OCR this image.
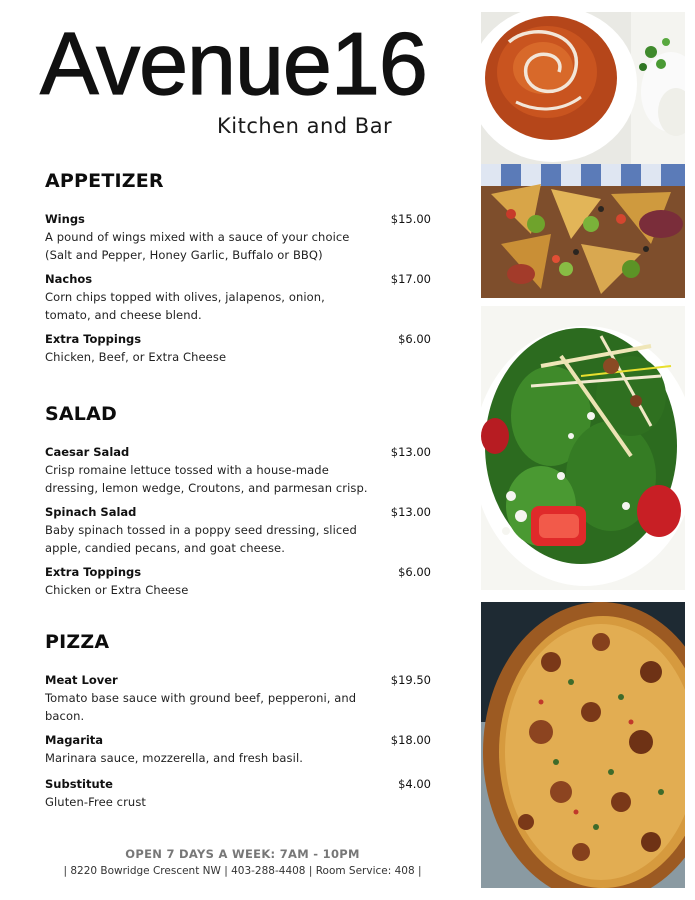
Avenue16
Kitchen and Bar
APPETIZER
Wings	$15.00
A pound of wings mixed with a sauce of your choice
(Salt and Pepper, Honey Garlic, Buffalo or BBQ)
Nachos	$17.00
Corn chips topped with olives, jalapenos, onion,
tomato, and cheese blend.
Extra Toppings	$6.00
Chicken, Beef, or Extra Cheese
SALAD
Caesar Salad	$13.00
Crisp romaine lettuce tossed with a house-made
dressing, lemon wedge, Croutons, and parmesan crisp.
Spinach Salad	$13.00
Baby spinach tossed in a poppy seed dressing, sliced
apple, candied pecans, and goat cheese.
Extra Toppings	$6.00
Chicken or Extra Cheese
PIZZA
Meat Lover	$19.50
Tomato base sauce with ground beef, pepperoni, and
bacon.
Magarita	$18.00
Marinara sauce, mozzerella, and fresh basil.
Substitute	$4.00
Gluten-Free crust
OPEN 7 DAYS A WEEK: 7AM - 10PM
| 8220 Bowridge Crescent NW | 403-288-4408 | Room Service: 408 |
